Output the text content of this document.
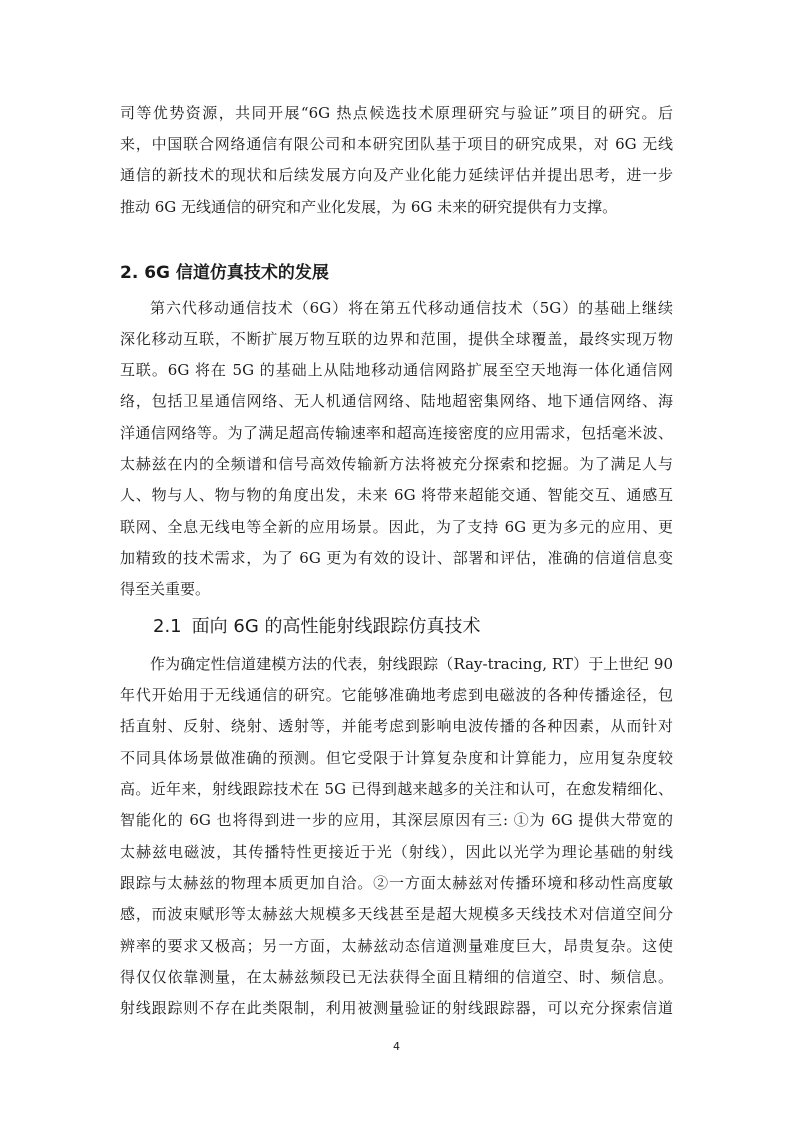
司等优势资源，共同开展“6G 热点候选技术原理研究与验证”项目的研究。后
来，中国联合网络通信有限公司和本研究团队基于项目的研究成果，对 6G 无线
通信的新技术的现状和后续发展方向及产业化能力延续评估并提出思考，进一步
推动 6G 无线通信的研究和产业化发展，为 6G 未来的研究提供有力支撑。
2. 6G 信道仿真技术的发展
第六代移动通信技术（6G）将在第五代移动通信技术（5G）的基础上继续
深化移动互联，不断扩展万物互联的边界和范围，提供全球覆盖，最终实现万物
互联。6G 将在 5G 的基础上从陆地移动通信网路扩展至空天地海一体化通信网
络，包括卫星通信网络、无人机通信网络、陆地超密集网络、地下通信网络、海
洋通信网络等。为了满足超高传输速率和超高连接密度的应用需求，包括毫米波、
太赫兹在内的全频谱和信号高效传输新方法将被充分探索和挖掘。为了满足人与
人、物与人、物与物的角度出发，未来 6G 将带来超能交通、智能交互、通感互
联网、全息无线电等全新的应用场景。因此，为了支持 6G 更为多元的应用、更
加精致的技术需求，为了 6G 更为有效的设计、部署和评估，准确的信道信息变
得至关重要。
2.1 面向 6G 的高性能射线跟踪仿真技术
作为确定性信道建模方法的代表，射线跟踪（Ray-tracing, RT）于上世纪 90
年代开始用于无线通信的研究。它能够准确地考虑到电磁波的各种传播途径，包
括直射、反射、绕射、透射等，并能考虑到影响电波传播的各种因素，从而针对
不同具体场景做准确的预测。但它受限于计算复杂度和计算能力，应用复杂度较
高。近年来，射线跟踪技术在 5G 已得到越来越多的关注和认可，在愈发精细化、
智能化的 6G 也将得到进一步的应用，其深层原因有三: ①为 6G 提供大带宽的
太赫兹电磁波，其传播特性更接近于光（射线），因此以光学为理论基础的射线
跟踪与太赫兹的物理本质更加自洽。②一方面太赫兹对传播环境和移动性高度敏
感，而波束赋形等太赫兹大规模多天线甚至是超大规模多天线技术对信道空间分
辨率的要求又极高；另一方面，太赫兹动态信道测量难度巨大，昂贵复杂。这使
得仅仅依靠测量，在太赫兹频段已无法获得全面且精细的信道空、时、频信息。
射线跟踪则不存在此类限制，利用被测量验证的射线跟踪器，可以充分探索信道
4
